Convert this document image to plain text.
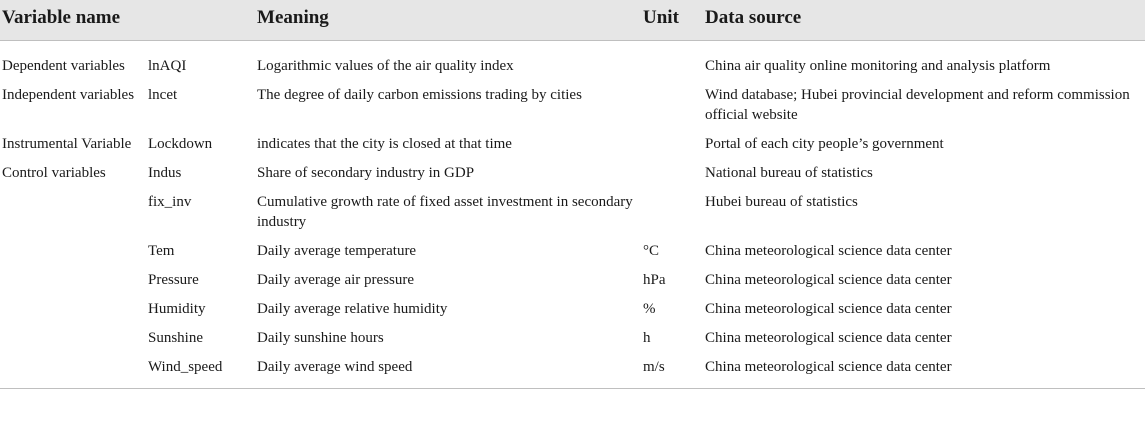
Variable name		Meaning	Unit	Data source
Dependent variables	lnAQI	Logarithmic values of the air quality index		China air quality online monitoring and analysis platform
Independent variables	lncet	The degree of daily carbon emissions trading by cities		Wind database; Hubei provincial development and reform commission official website
Instrumental Variable	Lockdown	indicates that the city is closed at that time		Portal of each city people’s government
Control variables	Indus	Share of secondary industry in GDP		National bureau of statistics
	fix_inv	Cumulative growth rate of fixed asset investment in secondary industry		Hubei bureau of statistics
	Tem	Daily average temperature	°C	China meteorological science data center
	Pressure	Daily average air pressure	hPa	China meteorological science data center
	Humidity	Daily average relative humidity	%	China meteorological science data center
	Sunshine	Daily sunshine hours	h	China meteorological science data center
	Wind_speed	Daily average wind speed	m/s	China meteorological science data center
